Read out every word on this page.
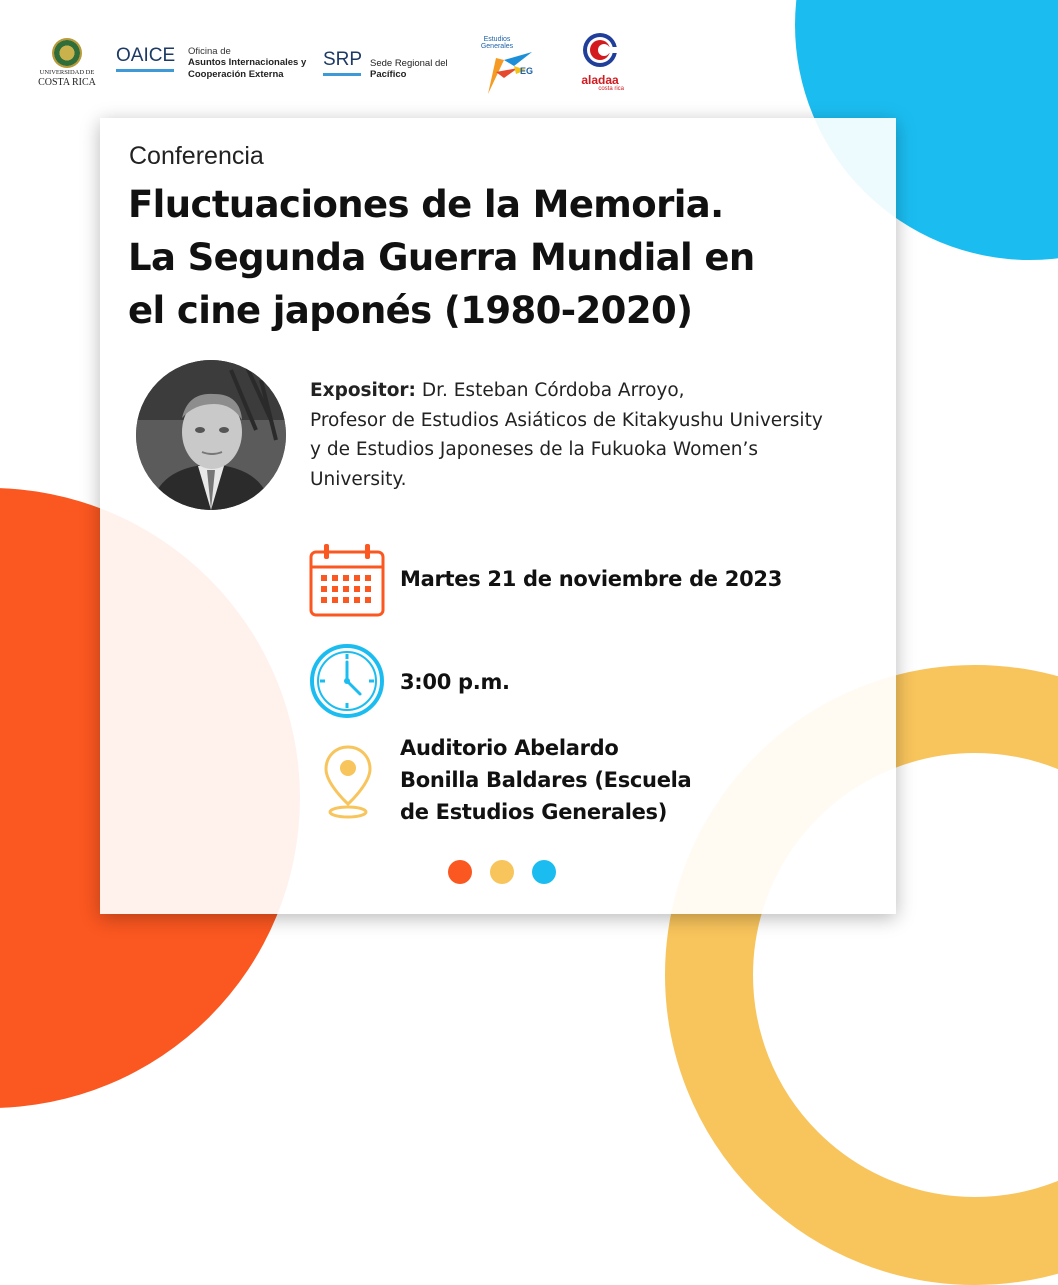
UNIVERSIDAD DE
COSTA RICA
OAICE Oficina de
Asuntos Internacionales y
Cooperación Externa
SRP Sede Regional del
Pacífico
Estudios
Generales
EG
aladaa
costa rica
Conferencia
Fluctuaciones de la Memoria.
La Segunda Guerra Mundial en
el cine japonés (1980-2020)
Expositor: Dr. Esteban Córdoba Arroyo,
Profesor de Estudios Asiáticos de Kitakyushu University
y de Estudios Japoneses de la Fukuoka Women’s
University.
Martes 21 de noviembre de 2023
3:00 p.m.
Auditorio Abelardo
Bonilla Baldares (Escuela
de Estudios Generales)
